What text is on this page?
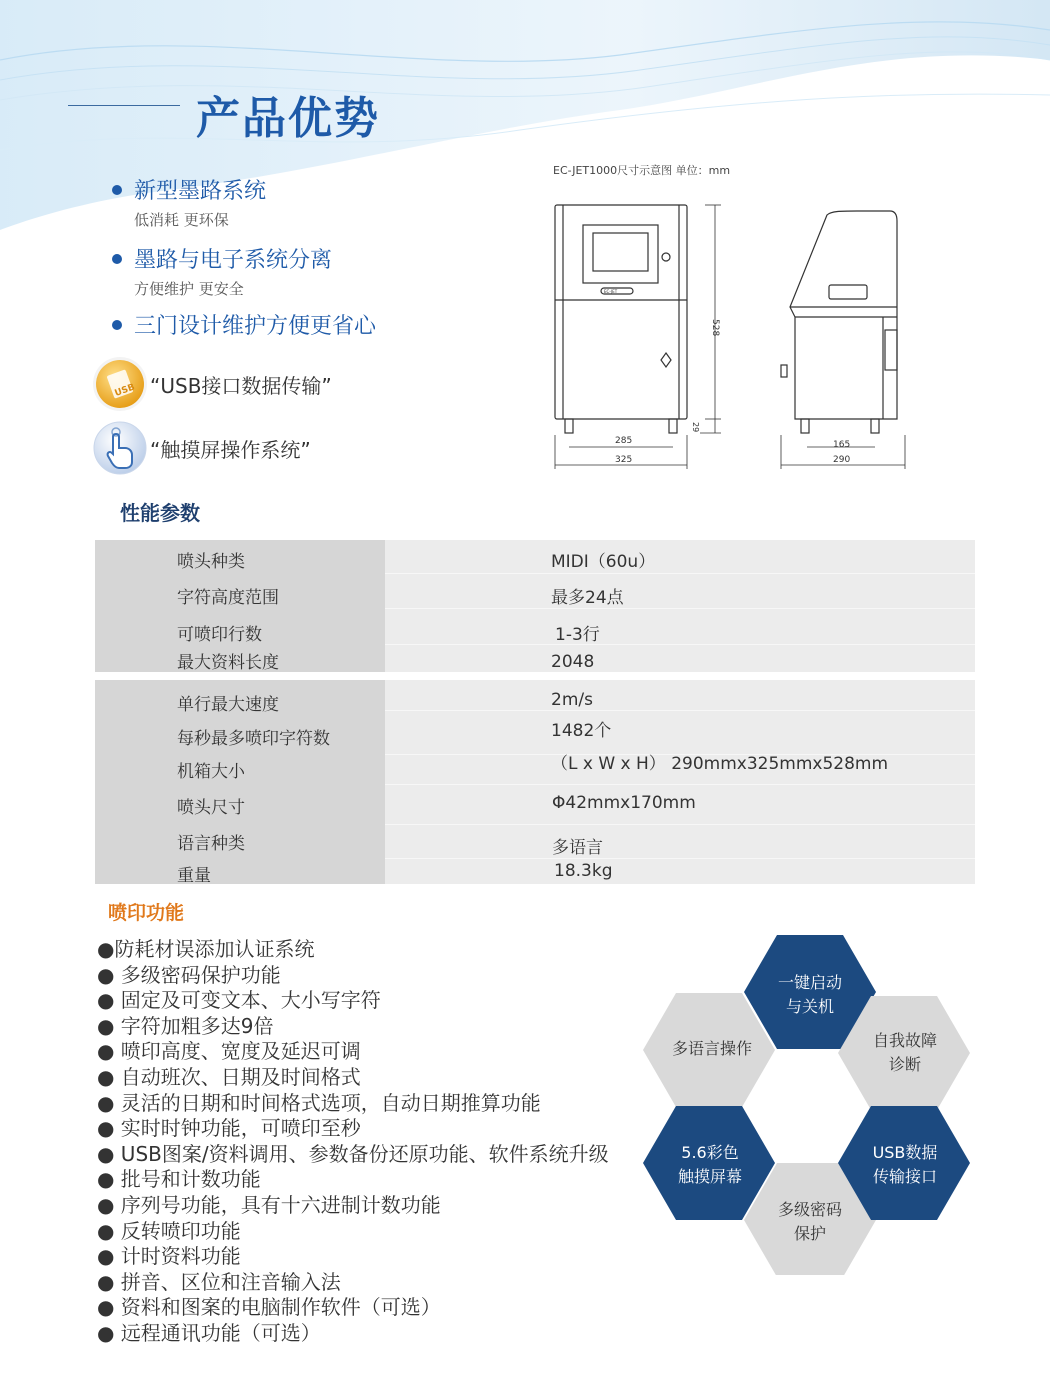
产品优势
新型墨路系统
低消耗 更环保
墨路与电子系统分离
方便维护 更安全
三门设计维护方便更省心
USB “USB接口数据传输”
“触摸屏操作系统”
EC-JET1000尺寸示意图 单位：mm
528
29
285
325
165
290
EC-JET
性能参数
喷头种类	MIDI（60u）
字符高度范围	最多24点
可喷印行数	1-3行
最大资料长度	2048
单行最大速度	2m/s
每秒最多喷印字符数	1482个
机箱大小	（L x W x H） 290mmx325mmx528mm
喷头尺寸	Φ42mmx170mm
语言种类	多语言
重量	18.3kg
喷印功能
●防耗材误添加认证系统
● 多级密码保护功能
● 固定及可变文本、大小写字符
● 字符加粗多达9倍
● 喷印高度、宽度及延迟可调
● 自动班次、日期及时间格式
● 灵活的日期和时间格式选项，自动日期推算功能
● 实时时钟功能，可喷印至秒
● USB图案/资料调用、参数备份还原功能、软件系统升级
● 批号和计数功能
● 序列号功能，具有十六进制计数功能
● 反转喷印功能
● 计时资料功能
● 拼音、区位和注音输入法
● 资料和图案的电脑制作软件（可选）
● 远程通讯功能（可选）
一键启动
与关机
多语言操作	自我故障
诊断
5.6彩色
触摸屏幕
多级密码
保护
USB数据
传输接口
